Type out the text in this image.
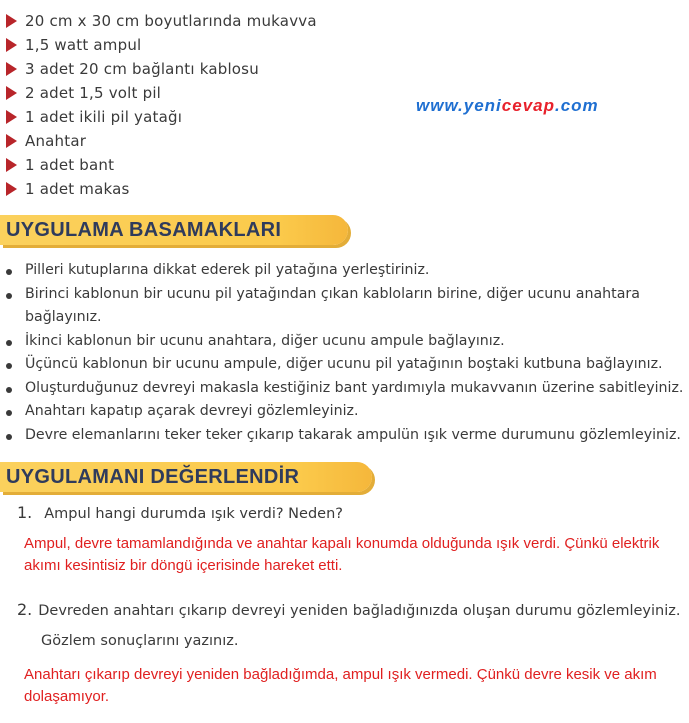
20 cm x 30 cm boyutlarında mukavva
1,5 watt ampul
3 adet 20 cm bağlantı kablosu
2 adet 1,5 volt pil
1 adet ikili pil yatağı
Anahtar
1 adet bant
1 adet makas
www.yenicevap.com
UYGULAMA BASAMAKLARI
Pilleri kutuplarına dikkat ederek pil yatağına yerleştiriniz.
Birinci kablonun bir ucunu pil yatağından çıkan kabloların birine, diğer ucunu anahtara bağlayınız.
İkinci kablonun bir ucunu anahtara, diğer ucunu ampule bağlayınız.
Üçüncü kablonun bir ucunu ampule, diğer ucunu pil yatağının boştaki kutbuna bağlayınız.
Oluşturduğunuz devreyi makasla kestiğiniz bant yardımıyla mukavvanın üzerine sabitleyiniz.
Anahtarı kapatıp açarak devreyi gözlemleyiniz.
Devre elemanlarını teker teker çıkarıp takarak ampulün ışık verme durumunu gözlemleyiniz.
UYGULAMANI DEĞERLENDİR
1. Ampul hangi durumda ışık verdi? Neden?
Ampul, devre tamamlandığında ve anahtar kapalı konumda olduğunda ışık verdi. Çünkü elektrik akımı kesintisiz bir döngü içerisinde hareket etti.
2. Devreden anahtarı çıkarıp devreyi yeniden bağladığınızda oluşan durumu gözlemleyiniz.
Gözlem sonuçlarını yazınız.
Anahtarı çıkarıp devreyi yeniden bağladığımda, ampul ışık vermedi. Çünkü devre kesik ve akım dolaşamıyor.
